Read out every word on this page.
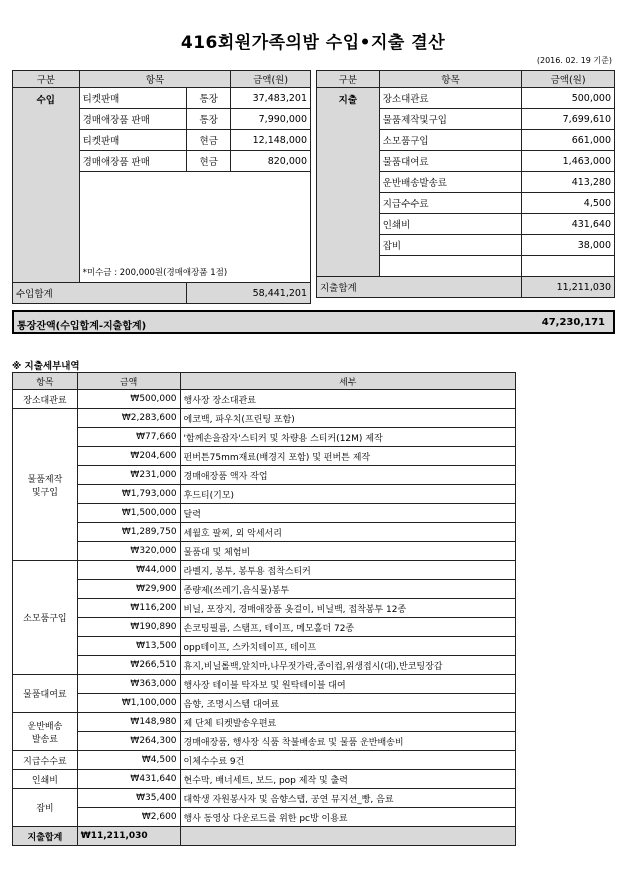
416회원가족의밤 수입•지출 결산
(2016. 02. 19 기준)
구분	항목		금액(원)
수입	티켓판매	통장	37,483,201
	경매애장품 판매	통장	7,990,000
	티켓판매	현금	12,148,000
	경매애장품 판매	현금	820,000
	*미수금 : 200,000원(경매애장품 1점)		
수입합계		58,441,201	
구분	항목	금액(원)
지출	장소대관료	500,000
	물품제작및구입	7,699,610
	소모품구입	661,000
	물품대여료	1,463,000
	운반배송발송료	413,280
	지급수수료	4,500
	인쇄비	431,640
	잡비	38,000

지출합계		11,211,030
통장잔액(수입합계-지출합계)	47,230,171
※ 지출세부내역
항목	금액	세부
장소대관료	₩500,000	행사장 장소대관료
물품제작
및구입	₩2,283,600	에코백, 파우치(프린팅 포함)
	₩77,660	'함께손을잡자'스티커 및 차량용 스티커(12M) 제작
	₩204,600	펀버튼75mm재료(배경지 포함) 및 펀버튼 제작
	₩231,000	경매애장품 액자 작업
	₩1,793,000	후드티(기모)
	₩1,500,000	달력
	₩1,289,750	세월호 팔찌, 외 악세서리
	₩320,000	물품대 및 체험비
소모품구입	₩44,000	라벨지, 봉투, 봉투용 접착스티커
	₩29,900	종량제(쓰레기,음식물)봉투
	₩116,200	비닐, 포장지, 경매애장품 옷걸이, 비닐백, 접착봉투 12종
	₩190,890	손코팅필름, 스탬프, 테이프, 메모홀더 72종
	₩13,500	opp테이프, 스카치테이프, 테이프
	₩266,510	휴지,비닐롤백,앞치마,나무젓가락,종이컵,위생접시(대),반코팅장갑
물품대여료	₩363,000	행사장 테이블 탁자보 및 원탁테이블 대여
	₩1,100,000	음향, 조명시스템 대여료
운반배송
발송료	₩148,980	제 단체 티켓발송우편료
	₩264,300	경매애장품, 행사장 식품 착불배송료 및 물품 운반배송비
지급수수료	₩4,500	이체수수료 9건
인쇄비	₩431,640	현수막, 배너세트, 보드, pop 제작 및 출력
잡비	₩35,400	대학생 자원봉사자 및 음향스탭, 공연 뮤지션_빵, 음료
	₩2,600	행사 동영상 다운로드를 위한 pc방 이용료
지출합계	₩11,211,030	
